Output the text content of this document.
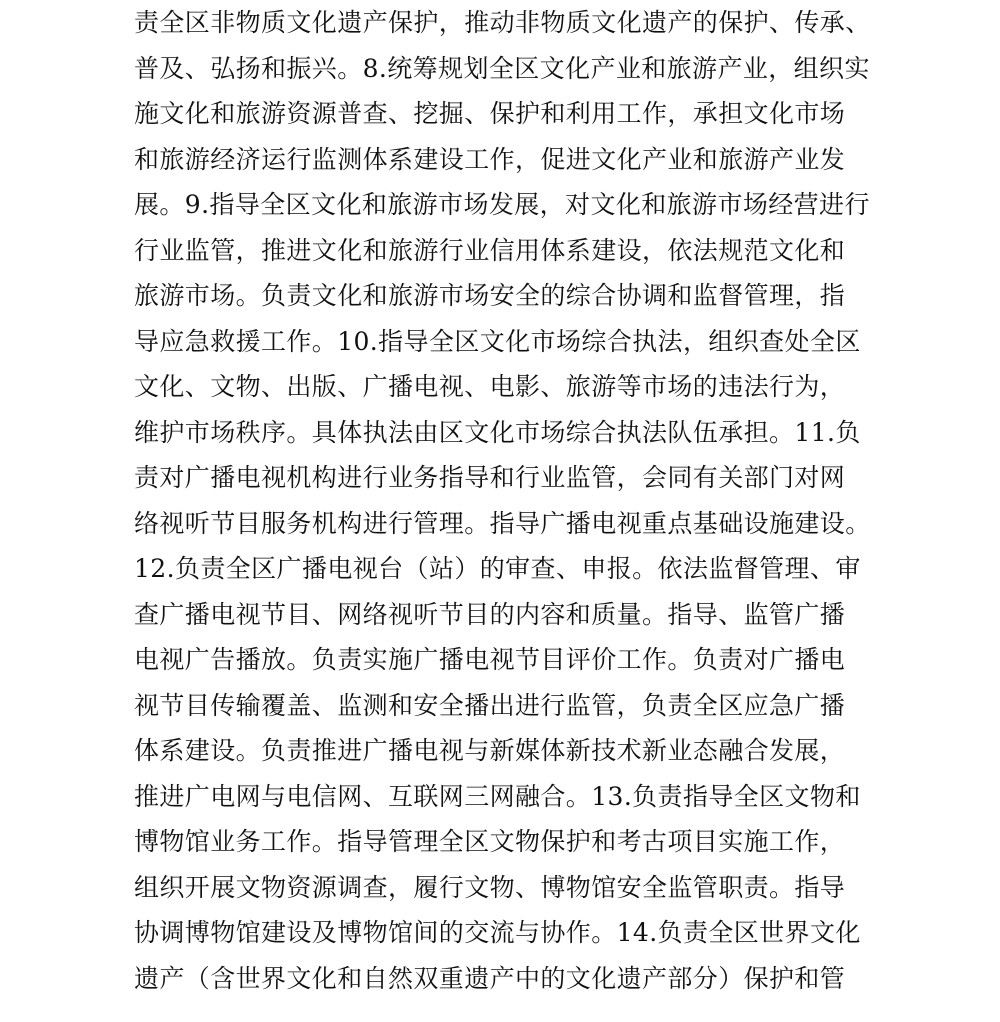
责全区非物质文化遗产保护，推动非物质文化遗产的保护、传承、
普及、弘扬和振兴。8.统筹规划全区文化产业和旅游产业，组织实
施文化和旅游资源普查、挖掘、保护和利用工作，承担文化市场
和旅游经济运行监测体系建设工作，促进文化产业和旅游产业发
展。9.指导全区文化和旅游市场发展，对文化和旅游市场经营进行
行业监管，推进文化和旅游行业信用体系建设，依法规范文化和
旅游市场。负责文化和旅游市场安全的综合协调和监督管理，指
导应急救援工作。10.指导全区文化市场综合执法，组织查处全区
文化、文物、出版、广播电视、电影、旅游等市场的违法行为，
维护市场秩序。具体执法由区文化市场综合执法队伍承担。11.负
责对广播电视机构进行业务指导和行业监管，会同有关部门对网
络视听节目服务机构进行管理。指导广播电视重点基础设施建设。
12.负责全区广播电视台（站）的审查、申报。依法监督管理、审
查广播电视节目、网络视听节目的内容和质量。指导、监管广播
电视广告播放。负责实施广播电视节目评价工作。负责对广播电
视节目传输覆盖、监测和安全播出进行监管，负责全区应急广播
体系建设。负责推进广播电视与新媒体新技术新业态融合发展，
推进广电网与电信网、互联网三网融合。13.负责指导全区文物和
博物馆业务工作。指导管理全区文物保护和考古项目实施工作，
组织开展文物资源调查，履行文物、博物馆安全监管职责。指导
协调博物馆建设及博物馆间的交流与协作。14.负责全区世界文化
遗产（含世界文化和自然双重遗产中的文化遗产部分）保护和管
